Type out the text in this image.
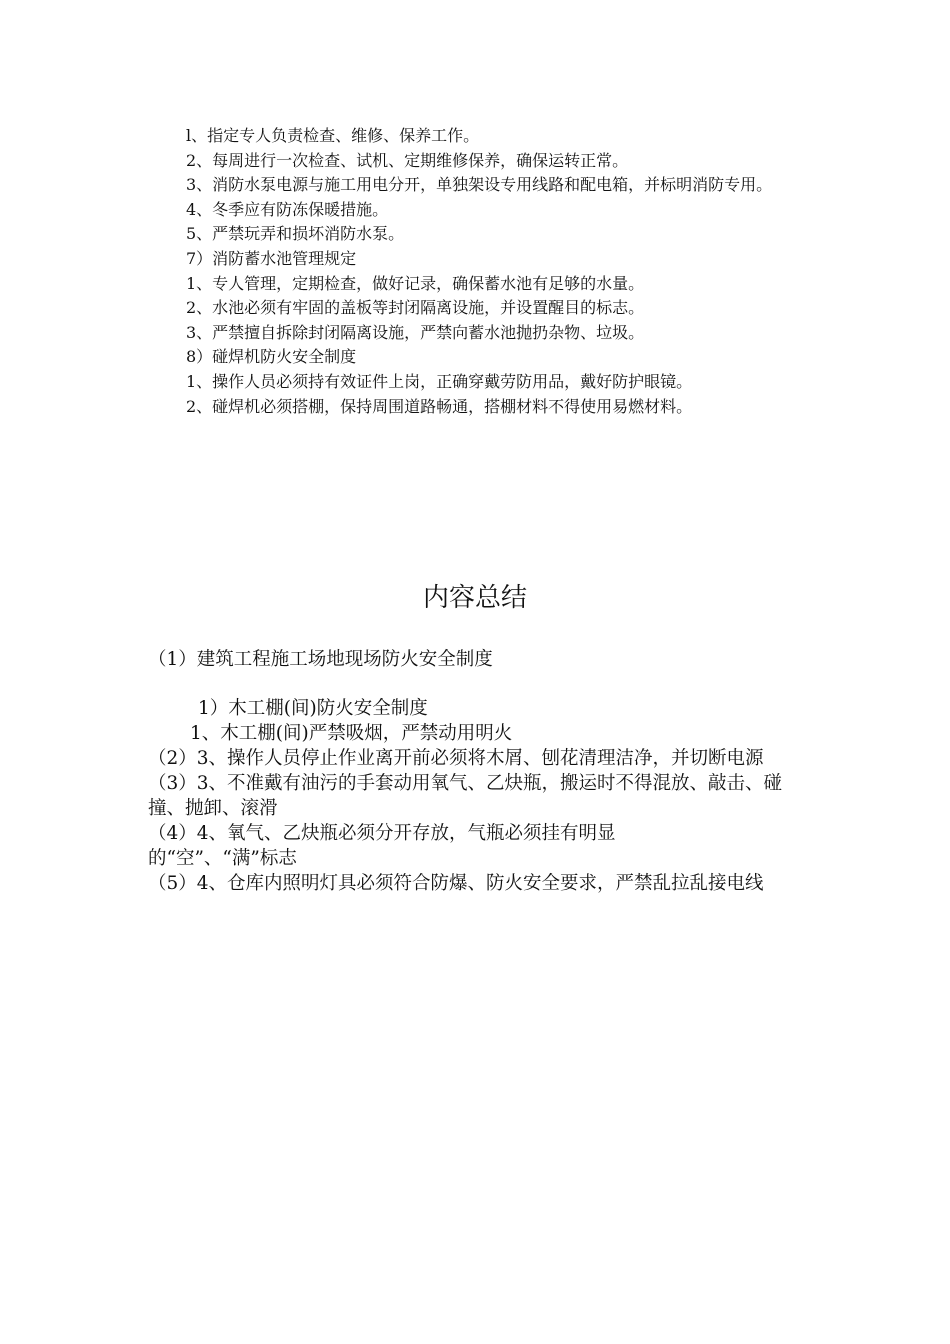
l、指定专人负责检查、维修、保养工作。

2、每周进行一次检查、试机、定期维修保养，确保运转正常。

3、消防水泵电源与施工用电分开，单独架设专用线路和配电箱，并标明消防专用。

4、冬季应有防冻保暖措施。

5、严禁玩弄和损坏消防水泵。

7）消防蓄水池管理规定

1、专人管理，定期检查，做好记录，确保蓄水池有足够的水量。

2、水池必须有牢固的盖板等封闭隔离设施，并设置醒目的标志。

3、严禁擅自拆除封闭隔离设施，严禁向蓄水池抛扔杂物、垃圾。

8）碰焊机防火安全制度

1、操作人员必须持有效证件上岗，正确穿戴劳防用品，戴好防护眼镜。

2、碰焊机必须搭棚，保持周围道路畅通，搭棚材料不得使用易燃材料。

内容总结

（1）建筑工程施工场地现场防火安全制度

1）木工棚(间)防火安全制度

1、木工棚(间)严禁吸烟，严禁动用明火

（2）3、操作人员停止作业离开前必须将木屑、刨花清理洁净，并切断电源

（3）3、不准戴有油污的手套动用氧气、乙炔瓶，搬运时不得混放、敲击、碰撞、抛卸、滚滑

（4）4、氧气、乙炔瓶必须分开存放，气瓶必须挂有明显

的“空”、“满”标志

（5）4、仓库内照明灯具必须符合防爆、防火安全要求，严禁乱拉乱接电线
